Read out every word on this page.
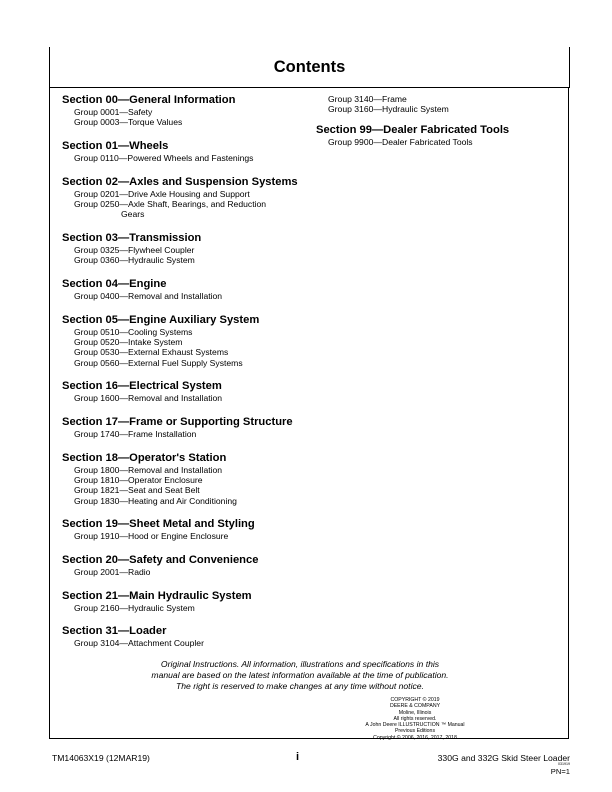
Contents

Section 00—General Information

Group 0001—Safety

Group 0003—Torque Values

Section 01—Wheels

Group 0110—Powered Wheels and Fastenings

Section 02—Axles and Suspension Systems

Group 0201—Drive Axle Housing and Support

Group 0250—Axle Shaft, Bearings, and Reduction
Gears

Section 03—Transmission

Group 0325—Flywheel Coupler

Group 0360—Hydraulic System

Section 04—Engine

Group 0400—Removal and Installation

Section 05—Engine Auxiliary System

Group 0510—Cooling Systems

Group 0520—Intake System

Group 0530—External Exhaust Systems

Group 0560—External Fuel Supply Systems

Section 16—Electrical System

Group 1600—Removal and Installation

Section 17—Frame or Supporting Structure

Group 1740—Frame Installation

Section 18—Operator's Station

Group 1800—Removal and Installation

Group 1810—Operator Enclosure

Group 1821—Seat and Seat Belt

Group 1830—Heating and Air Conditioning

Section 19—Sheet Metal and Styling

Group 1910—Hood or Engine Enclosure

Section 20—Safety and Convenience

Group 2001—Radio

Section 21—Main Hydraulic System

Group 2160—Hydraulic System

Section 31—Loader

Group 3104—Attachment Coupler

Group 3140—Frame

Group 3160—Hydraulic System

Section 99—Dealer Fabricated Tools

Group 9900—Dealer Fabricated Tools

Original Instructions. All information, illustrations and specifications in this
manual are based on the latest information available at the time of publication.
The right is reserved to make changes at any time without notice.
COPYRIGHT © 2019
DEERE & COMPANY
Moline, Illinois
All rights reserved.
A John Deere ILLUSTRUCTION ™ Manual
Previous Editions
Copyright © 2006, 2016, 2017, 2018
TM14063X19 (12MAR19)	i	330G and 332G Skid Steer Loader
031919
PN=1
